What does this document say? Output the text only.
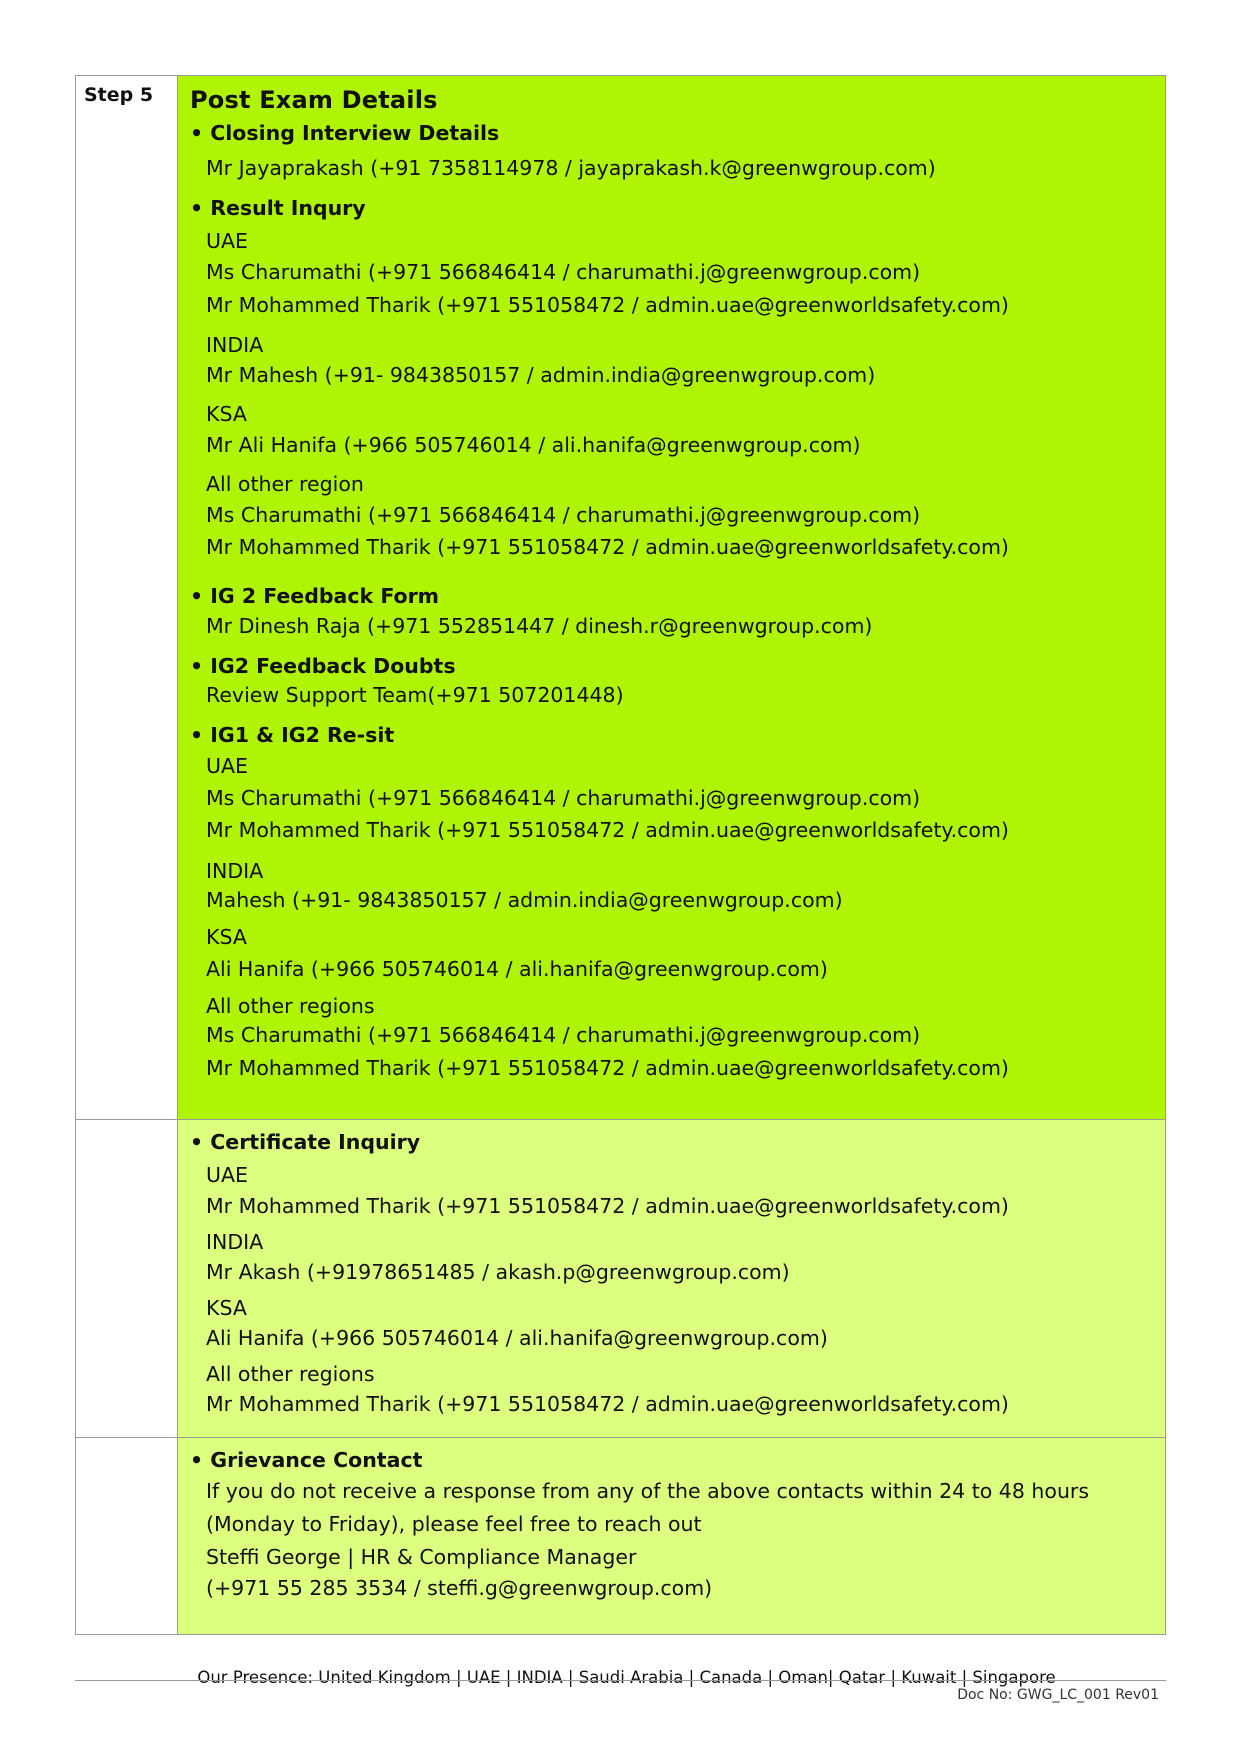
Step 5	Post Exam Details
• Closing Interview Details
Mr Jayaprakash (+91 7358114978 / jayaprakash.k@greenwgroup.com)
• Result Inqury
UAE
Ms Charumathi (+971 566846414 / charumathi.j@greenwgroup.com)
Mr Mohammed Tharik (+971 551058472 / admin.uae@greenworldsafety.com)
INDIA
Mr Mahesh (+91- 9843850157 / admin.india@greenwgroup.com)
KSA
Mr Ali Hanifa (+966 505746014 / ali.hanifa@greenwgroup.com)
All other region
Ms Charumathi (+971 566846414 / charumathi.j@greenwgroup.com)
Mr Mohammed Tharik (+971 551058472 / admin.uae@greenworldsafety.com)
• IG 2 Feedback Form
Mr Dinesh Raja (+971 552851447 / dinesh.r@greenwgroup.com)
• IG2 Feedback Doubts
Review Support Team(+971 507201448)
• IG1 & IG2 Re-sit
UAE
Ms Charumathi (+971 566846414 / charumathi.j@greenwgroup.com)
Mr Mohammed Tharik (+971 551058472 / admin.uae@greenworldsafety.com)
INDIA
Mahesh (+91- 9843850157 / admin.india@greenwgroup.com)
KSA
Ali Hanifa (+966 505746014 / ali.hanifa@greenwgroup.com)
All other regions
Ms Charumathi (+971 566846414 / charumathi.j@greenwgroup.com)
Mr Mohammed Tharik (+971 551058472 / admin.uae@greenworldsafety.com)
• Certificate Inquiry
UAE
Mr Mohammed Tharik (+971 551058472 / admin.uae@greenworldsafety.com)
INDIA
Mr Akash (+91978651485 / akash.p@greenwgroup.com)
KSA
Ali Hanifa (+966 505746014 / ali.hanifa@greenwgroup.com)
All other regions
Mr Mohammed Tharik (+971 551058472 / admin.uae@greenworldsafety.com)
• Grievance Contact
If you do not receive a response from any of the above contacts within 24 to 48 hours (Monday to Friday), please feel free to reach out
Steffi George | HR & Compliance Manager
(+971 55 285 3534 / steffi.g@greenwgroup.com)
Our Presence: United Kingdom | UAE | INDIA | Saudi Arabia | Canada | Oman| Qatar | Kuwait | Singapore
Doc No: GWG_LC_001 Rev01
